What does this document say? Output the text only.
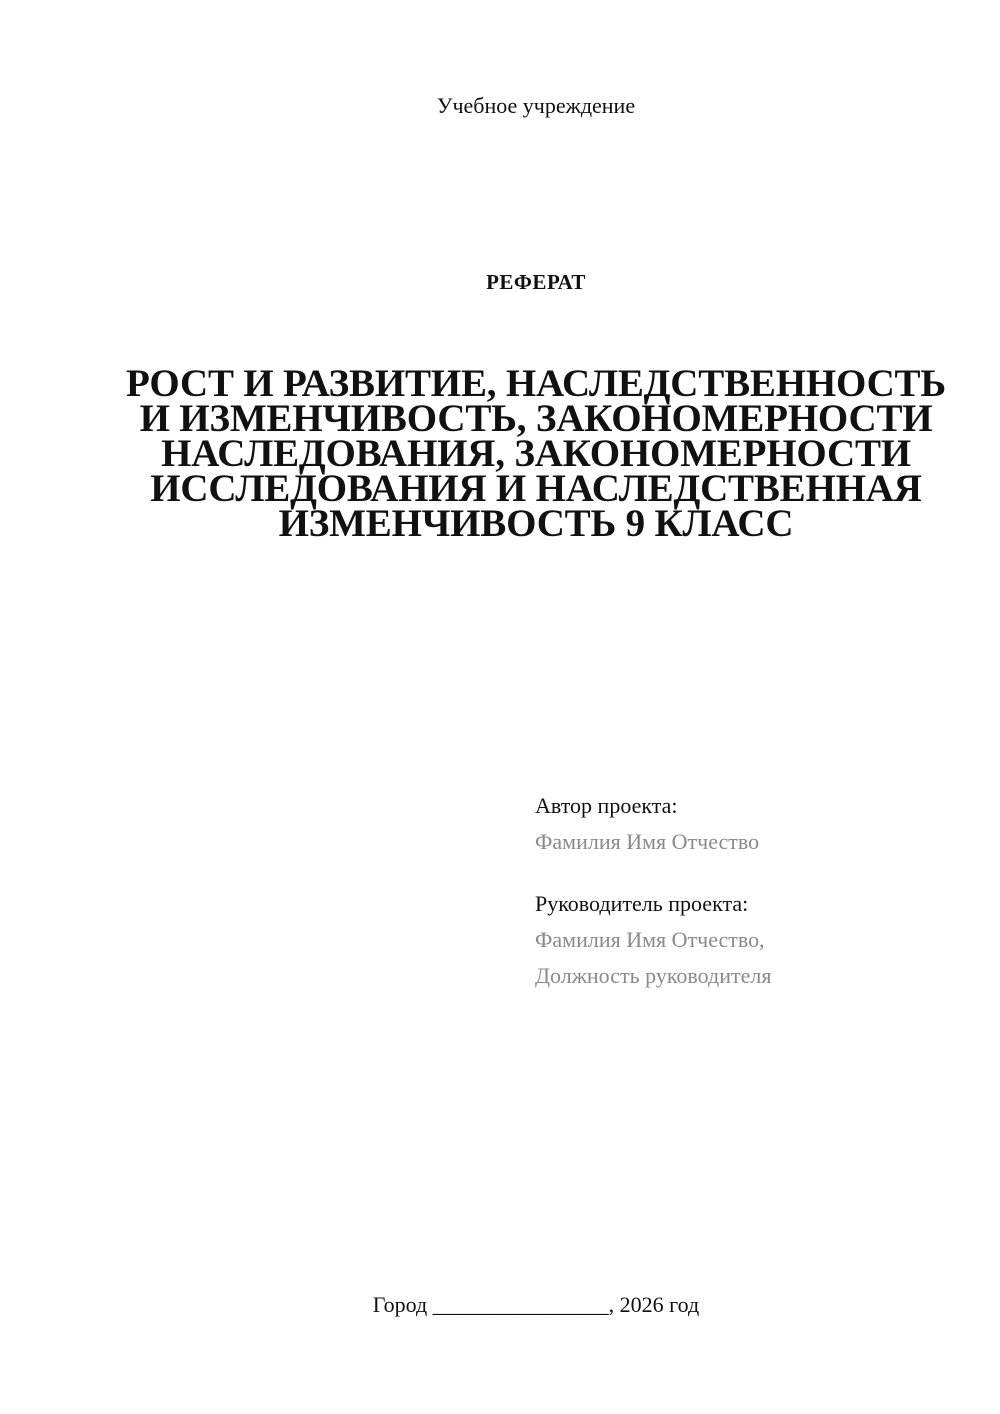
Учебное учреждение
РЕФЕРАТ
РОСТ И РАЗВИТИЕ, НАСЛЕДСТВЕННОСТЬ И ИЗМЕНЧИВОСТЬ, ЗАКОНОМЕРНОСТИ НАСЛЕДОВАНИЯ, ЗАКОНОМЕРНОСТИ ИССЛЕДОВАНИЯ И НАСЛЕДСТВЕННАЯ ИЗМЕНЧИВОСТЬ 9 КЛАСС
Автор проекта:
Фамилия Имя Отчество
Руководитель проекта:
Фамилия Имя Отчество,
Должность руководителя
Город ________________, 2026 год
